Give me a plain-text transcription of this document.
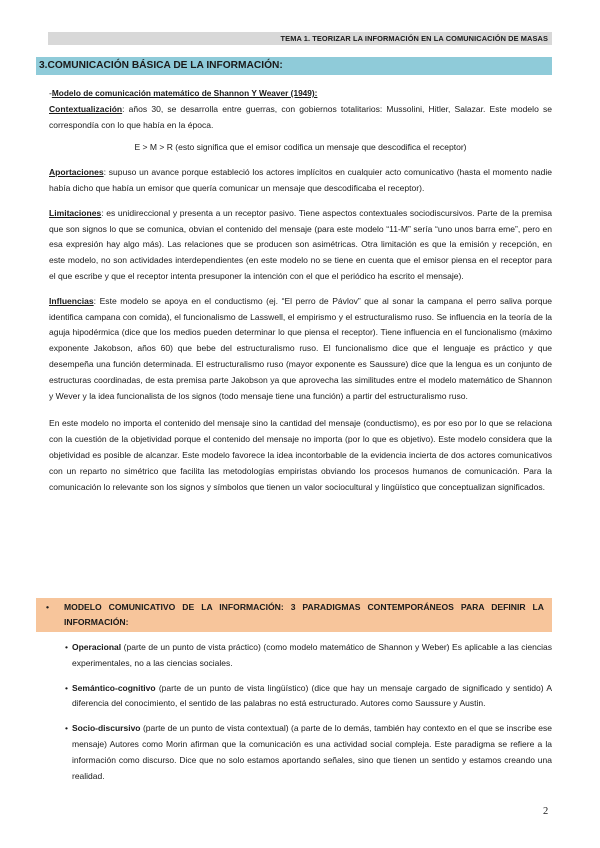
TEMA 1. TEORIZAR LA INFORMACIÓN EN LA COMUNICACIÓN DE MASAS
3.COMUNICACIÓN BÁSICA DE LA INFORMACIÓN:

-Modelo de comunicación matemático de Shannon Y Weaver (1949):

Contextualización: años 30, se desarrolla entre guerras, con gobiernos totalitarios: Mussolini, Hitler, Salazar. Este modelo se correspondía con lo que había en la época.

E > M > R (esto significa que el emisor codifica un mensaje que descodifica el receptor)

Aportaciones: supuso un avance porque estableció los actores implícitos en cualquier acto comunicativo (hasta el momento nadie había dicho que había un emisor que quería comunicar un mensaje que descodificaba el receptor).

Limitaciones: es unidireccional y presenta a un receptor pasivo. Tiene aspectos contextuales sociodiscursivos. Parte de la premisa que son signos lo que se comunica, obvian el contenido del mensaje (para este modelo “11-M” sería “uno unos barra eme”, pero en esa expresión hay algo más). Las relaciones que se producen son asimétricas. Otra limitación es que la emisión y recepción, en este modelo, no son actividades interdependientes (en este modelo no se tiene en cuenta que el emisor piensa en el receptor para el que escribe y que el receptor intenta presuponer la intención con el que el periódico ha escrito el mensaje).

Influencias: Este modelo se apoya en el conductismo (ej. “El perro de Pávlov” que al sonar la campana el perro saliva porque identifica campana con comida), el funcionalismo de Lasswell, el empirismo y el estructuralismo ruso. Se influencia en la teoría de la aguja hipodérmica (dice que los medios pueden determinar lo que piensa el receptor). Tiene influencia en el funcionalismo (máximo exponente Jakobson, años 60) que bebe del estructuralismo ruso. El funcionalismo dice que el lenguaje es práctico y que desempeña una función determinada. El estructuralismo ruso (mayor exponente es Saussure) dice que la lengua es un conjunto de estructuras coordinadas, de esta premisa parte Jakobson ya que aprovecha las similitudes entre el modelo matemático de Shannon y Wever y la idea funcionalista de los signos (todo mensaje tiene una función) a partir del estructuralismo ruso.

En este modelo no importa el contenido del mensaje sino la cantidad del mensaje (conductismo), es por eso por lo que se relaciona con la cuestión de la objetividad porque el contenido del mensaje no importa (por lo que es objetivo). Este modelo considera que la objetividad es posible de alcanzar. Este modelo favorece la idea incontorbable de la evidencia incierta de dos actores comunicativos con un reparto no simétrico que facilita las metodologías empiristas obviando los procesos humanos de comunicación. Para la comunicación lo relevante son los signos y símbolos que tienen un valor sociocultural y lingüístico que conceptualizan significados.

• MODELO COMUNICATIVO DE LA INFORMACIÓN: 3 PARADIGMAS CONTEMPORÁNEOS PARA DEFINIR LA INFORMACIÓN:
• Operacional (parte de un punto de vista práctico) (como modelo matemático de Shannon y Weber) Es aplicable a las ciencias experimentales, no a las ciencias sociales.
• Semántico-cognitivo (parte de un punto de vista lingüístico) (dice que hay un mensaje cargado de significado y sentido) A diferencia del conocimiento, el sentido de las palabras no está estructurado. Autores como Saussure y Austin.
• Socio-discursivo (parte de un punto de vista contextual) (a parte de lo demás, también hay contexto en el que se inscribe ese mensaje) Autores como Morin afirman que la comunicación es una actividad social compleja. Este paradigma se refiere a la información como discurso. Dice que no solo estamos aportando señales, sino que tienen un sentido y estamos creando una realidad.
2
